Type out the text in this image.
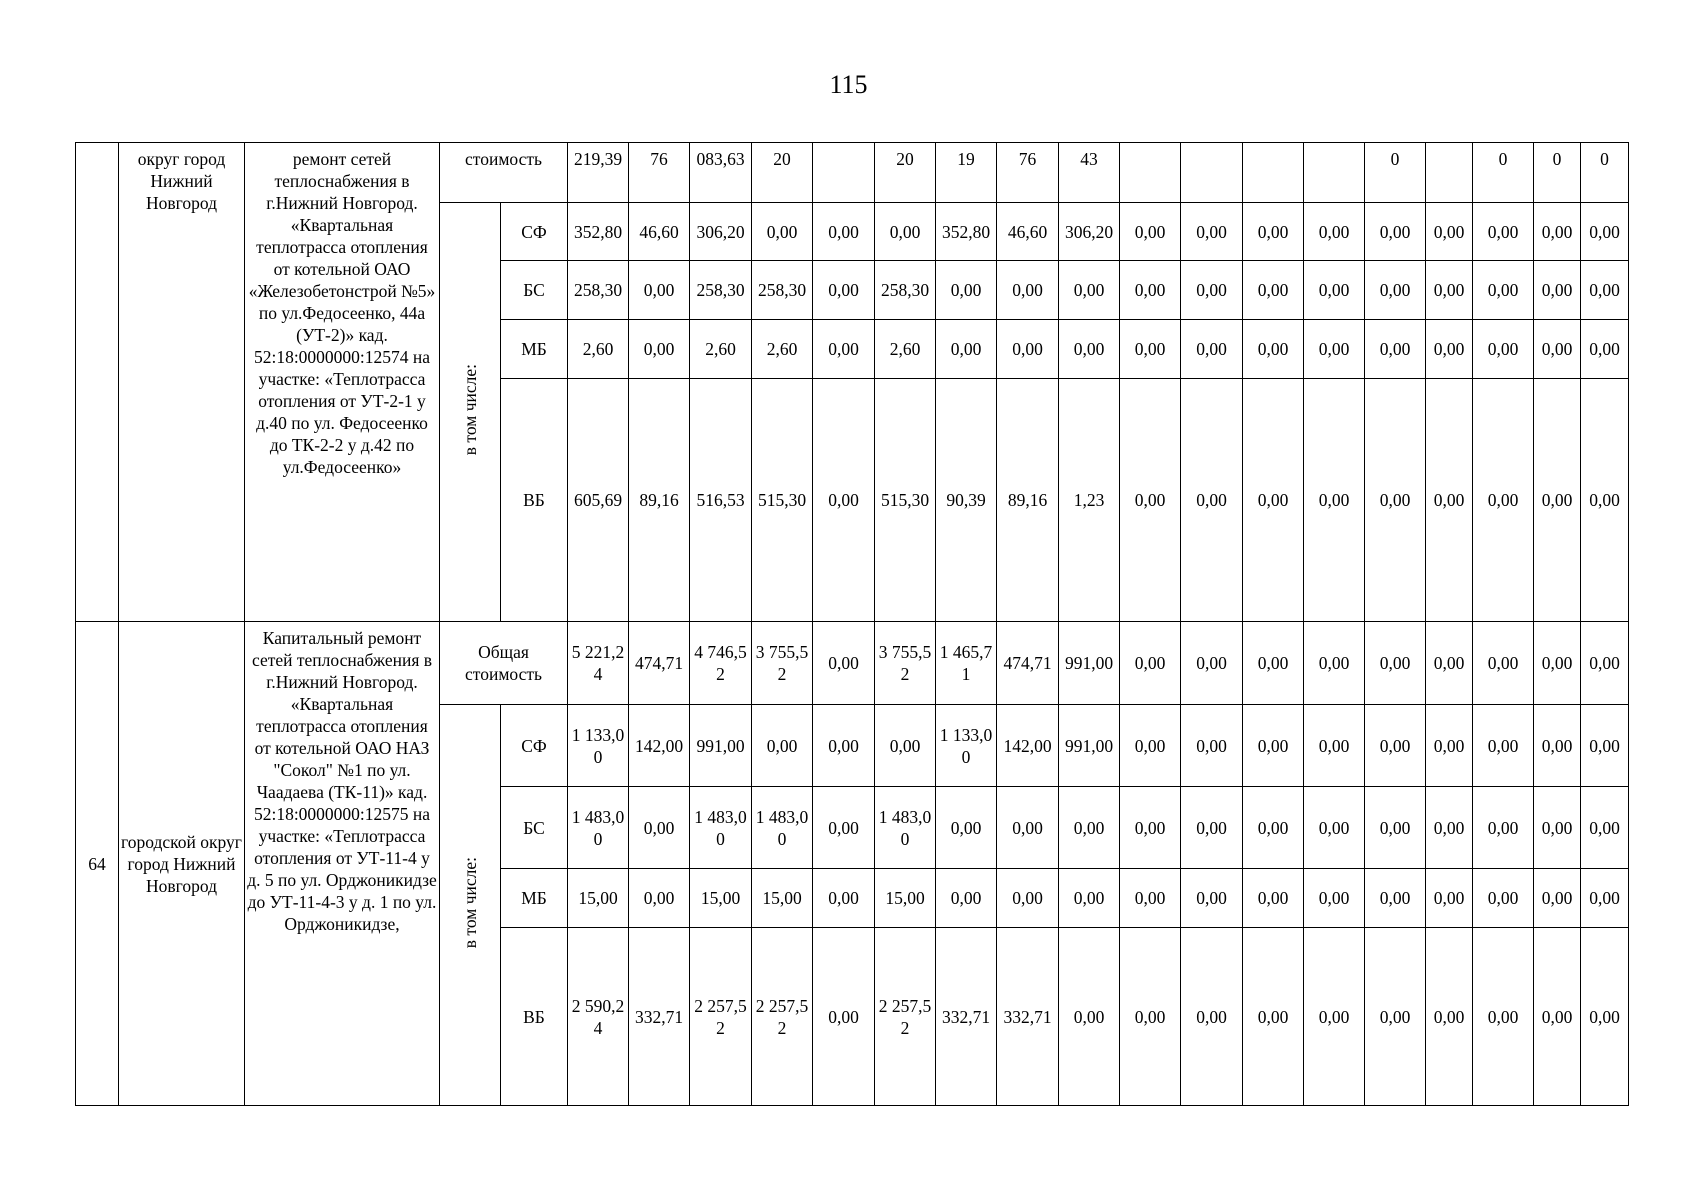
115
	округ город Нижний Новгород	ремонт сетей теплоснабжения в г.Нижний Новгород. «Квартальная теплотрасса отопления от котельной ОАО «Железобетонстрой №5» по ул.Федосеенко, 44а (УТ-2)» кад. 52:18:0000000:12574 на участке: «Теплотрасса отопления от УТ-2-1 у д.40 по ул. Федосеенко до ТК-2-2 у д.42 по ул.Федосеенко»	стоимость		219,39	76	083,63	20		20	19	76	43					0		0	0	0
			в том числе:	СФ	352,80	46,60	306,20	0,00	0,00	0,00	352,80	46,60	306,20	0,00	0,00	0,00	0,00	0,00	0,00	0,00	0,00	0,00
				БС	258,30	0,00	258,30	258,30	0,00	258,30	0,00	0,00	0,00	0,00	0,00	0,00	0,00	0,00	0,00	0,00	0,00	0,00
				МБ	2,60	0,00	2,60	2,60	0,00	2,60	0,00	0,00	0,00	0,00	0,00	0,00	0,00	0,00	0,00	0,00	0,00	0,00
				ВБ	605,69	89,16	516,53	515,30	0,00	515,30	90,39	89,16	1,23	0,00	0,00	0,00	0,00	0,00	0,00	0,00	0,00	0,00
64	городской округ город Нижний Новгород	Капитальный ремонт сетей теплоснабжения в г.Нижний Новгород. «Квартальная теплотрасса отопления от котельной ОАО НАЗ "Сокол" №1 по ул. Чаадаева (ТК-11)» кад. 52:18:0000000:12575 на участке: «Теплотрасса отопления от УТ-11-4 у д. 5 по ул. Орджоникидзе до УТ-11-4-3 у д. 1 по ул. Орджоникидзе,	Общая стоимость		5 221,24	474,71	4 746,52	3 755,52	0,00	3 755,52	1 465,71	474,71	991,00	0,00	0,00	0,00	0,00	0,00	0,00	0,00	0,00	0,00
			в том числе:	СФ	1 133,00	142,00	991,00	0,00	0,00	0,00	1 133,00	142,00	991,00	0,00	0,00	0,00	0,00	0,00	0,00	0,00	0,00	0,00
				БС	1 483,00	0,00	1 483,00	1 483,00	0,00	1 483,00	0,00	0,00	0,00	0,00	0,00	0,00	0,00	0,00	0,00	0,00	0,00	0,00
				МБ	15,00	0,00	15,00	15,00	0,00	15,00	0,00	0,00	0,00	0,00	0,00	0,00	0,00	0,00	0,00	0,00	0,00	0,00
				ВБ	2 590,24	332,71	2 257,52	2 257,52	0,00	2 257,52	332,71	332,71	0,00	0,00	0,00	0,00	0,00	0,00	0,00	0,00	0,00	0,00
